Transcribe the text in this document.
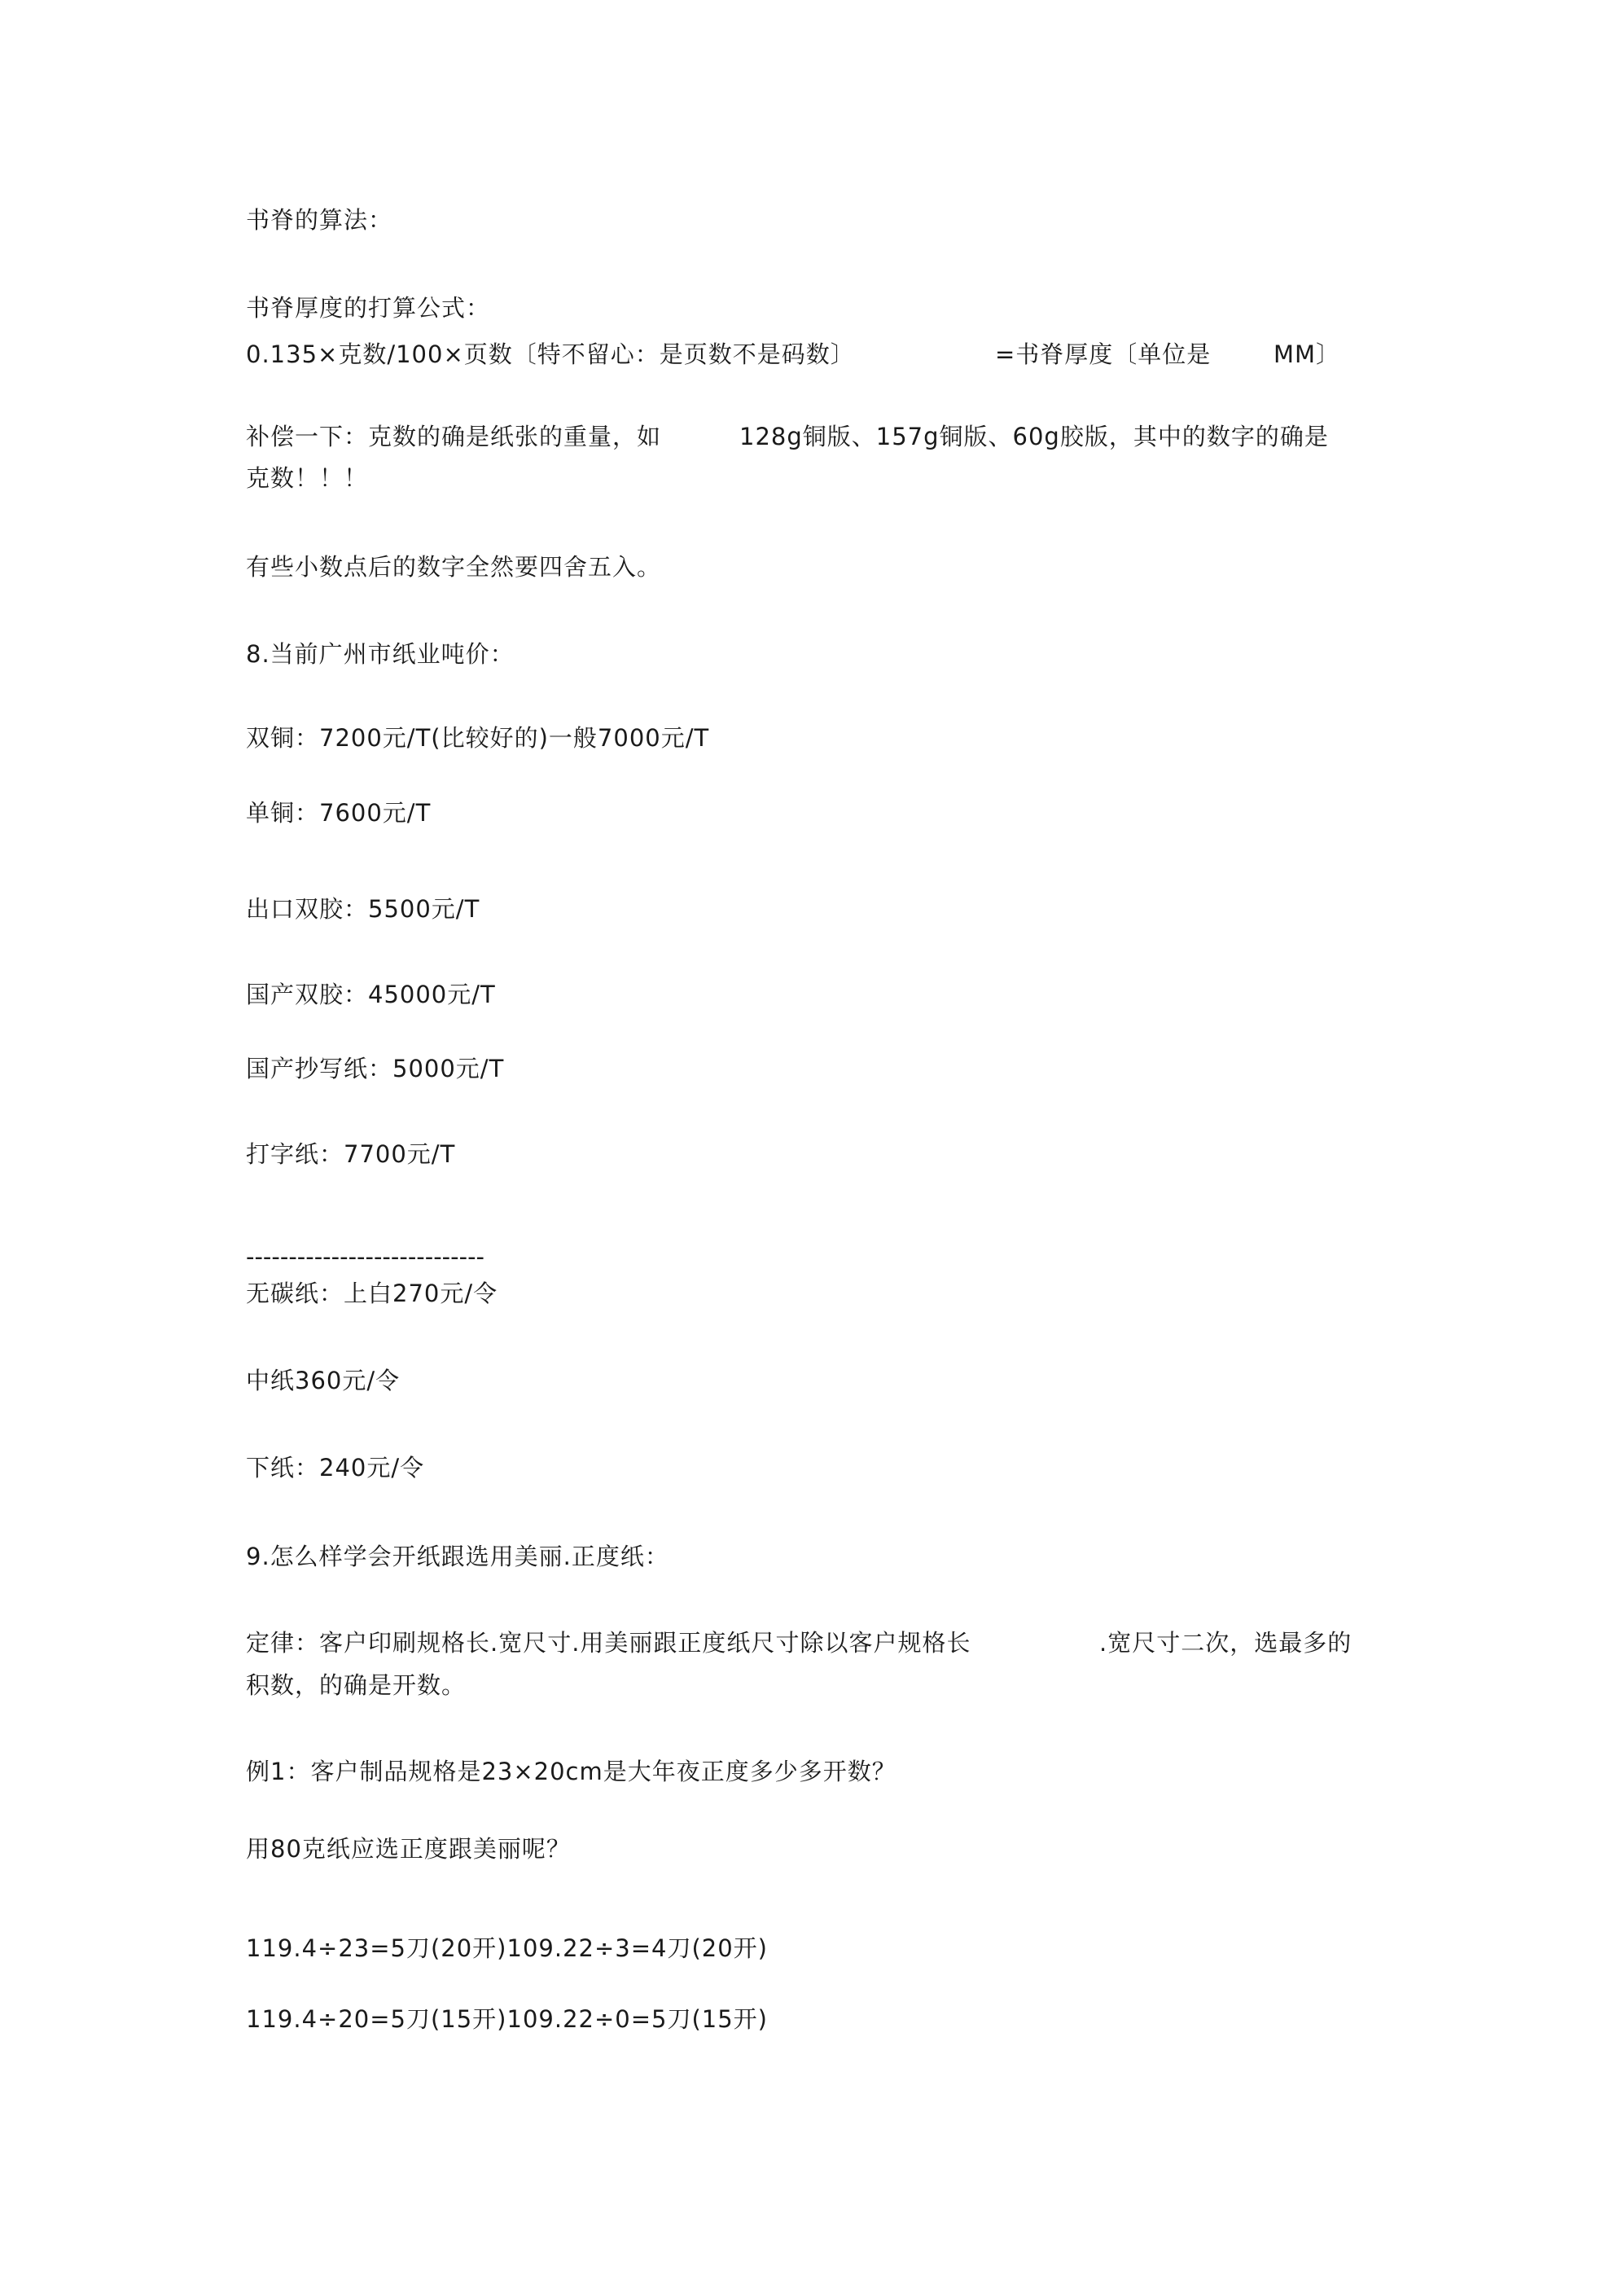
书脊的算法：
书脊厚度的打算公式：
0.135×克数/100×页数〔特不留心：是页数不是码数〕	=书脊厚度〔单位是	MM〕
补偿一下：克数的确是纸张的重量，如	128g铜版、157g铜版、60g胶版，其中的数字的确是
克数！！！
有些小数点后的数字全然要四舍五入。
8.当前广州市纸业吨价：
双铜：7200元/T(比较好的)一般7000元/T
单铜：7600元/T
出口双胶：5500元/T
国产双胶：45000元/T
国产抄写纸：5000元/T
打字纸：7700元/T
----------------------------
无碳纸：上白270元/令
中纸360元/令
下纸：240元/令
9.怎么样学会开纸跟选用美丽.正度纸：
定律：客户印刷规格长.宽尺寸.用美丽跟正度纸尺寸除以客户规格长	.宽尺寸二次，选最多的
积数，的确是开数。
例1：客户制品规格是23×20cm是大年夜正度多少多开数？
用80克纸应选正度跟美丽呢？
119.4÷23=5刀(20开)109.22÷3=4刀(20开)
119.4÷20=5刀(15开)109.22÷0=5刀(15开)
